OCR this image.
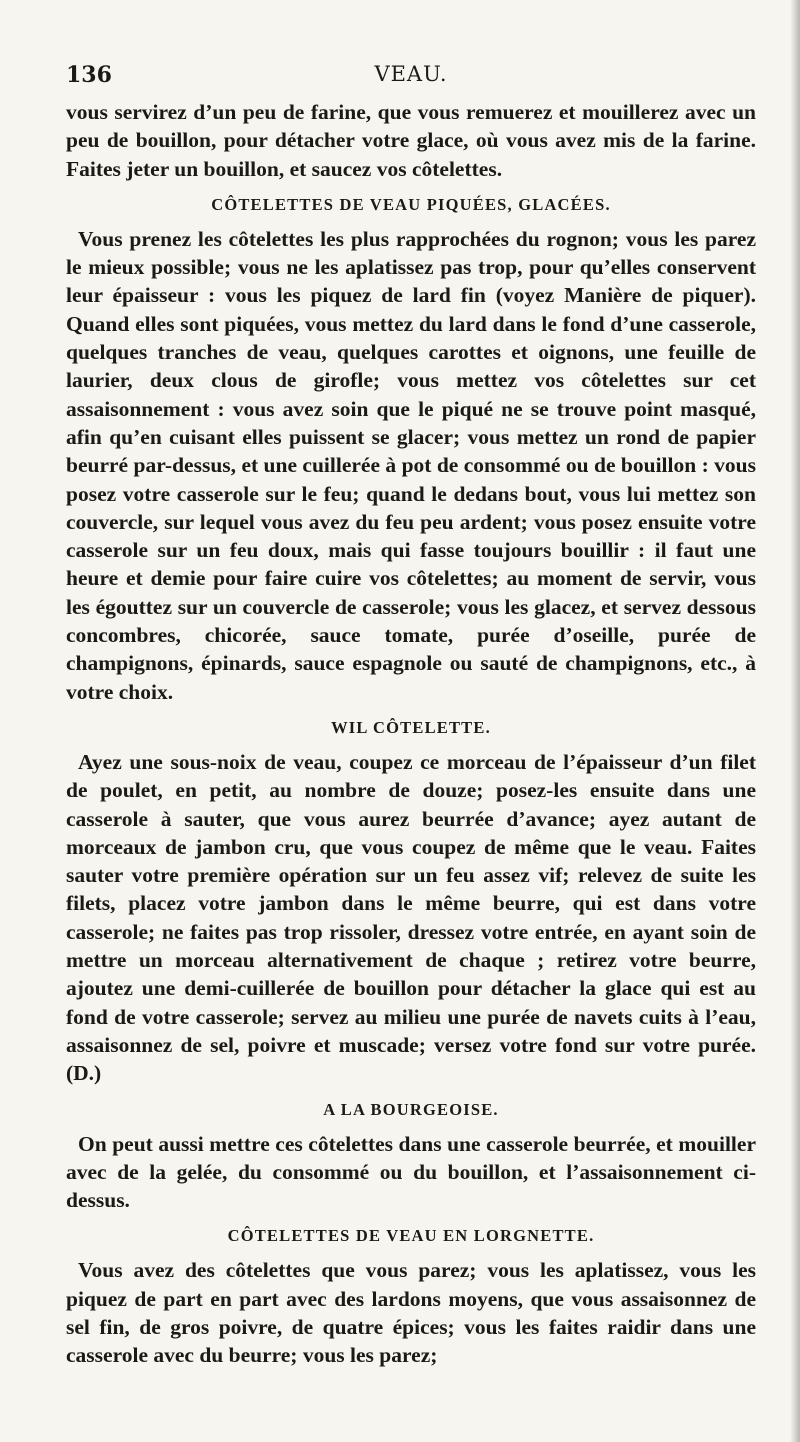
136	VEAU.

vous servirez d’un peu de farine, que vous remuerez et mouillerez avec un peu de bouillon, pour détacher votre glace, où vous avez mis de la farine. Faites jeter un bouillon, et saucez vos côtelettes.

CÔTELETTES DE VEAU PIQUÉES, GLACÉES.

Vous prenez les côtelettes les plus rapprochées du rognon; vous les parez le mieux possible; vous ne les aplatissez pas trop, pour qu’elles conservent leur épaisseur : vous les piquez de lard fin (voyez Manière de piquer). Quand elles sont piquées, vous mettez du lard dans le fond d’une casserole, quelques tranches de veau, quelques carottes et oignons, une feuille de laurier, deux clous de girofle; vous mettez vos côtelettes sur cet assaisonnement : vous avez soin que le piqué ne se trouve point masqué, afin qu’en cuisant elles puissent se glacer; vous mettez un rond de papier beurré par-dessus, et une cuillerée à pot de consommé ou de bouillon : vous posez votre casserole sur le feu; quand le dedans bout, vous lui mettez son couvercle, sur lequel vous avez du feu peu ardent; vous posez ensuite votre casserole sur un feu doux, mais qui fasse toujours bouillir : il faut une heure et demie pour faire cuire vos côtelettes; au moment de servir, vous les égouttez sur un couvercle de casserole; vous les glacez, et servez dessous concombres, chicorée, sauce tomate, purée d’oseille, purée de champignons, épinards, sauce espagnole ou sauté de champignons, etc., à votre choix.

WIL CÔTELETTE.

Ayez une sous-noix de veau, coupez ce morceau de l’épaisseur d’un filet de poulet, en petit, au nombre de douze; posez-les ensuite dans une casserole à sauter, que vous aurez beurrée d’avance; ayez autant de morceaux de jambon cru, que vous coupez de même que le veau. Faites sauter votre première opération sur un feu assez vif; relevez de suite les filets, placez votre jambon dans le même beurre, qui est dans votre casserole; ne faites pas trop rissoler, dressez votre entrée, en ayant soin de mettre un morceau alternativement de chaque ; retirez votre beurre, ajoutez une demi-cuillerée de bouillon pour détacher la glace qui est au fond de votre casserole; servez au milieu une purée de navets cuits à l’eau, assaisonnez de sel, poivre et muscade; versez votre fond sur votre purée. (D.)

A LA BOURGEOISE.

On peut aussi mettre ces côtelettes dans une casserole beurrée, et mouiller avec de la gelée, du consommé ou du bouillon, et l’assaisonnement ci-dessus.

CÔTELETTES DE VEAU EN LORGNETTE.

Vous avez des côtelettes que vous parez; vous les aplatissez, vous les piquez de part en part avec des lardons moyens, que vous assaisonnez de sel fin, de gros poivre, de quatre épices; vous les faites raidir dans une casserole avec du beurre; vous les parez;
